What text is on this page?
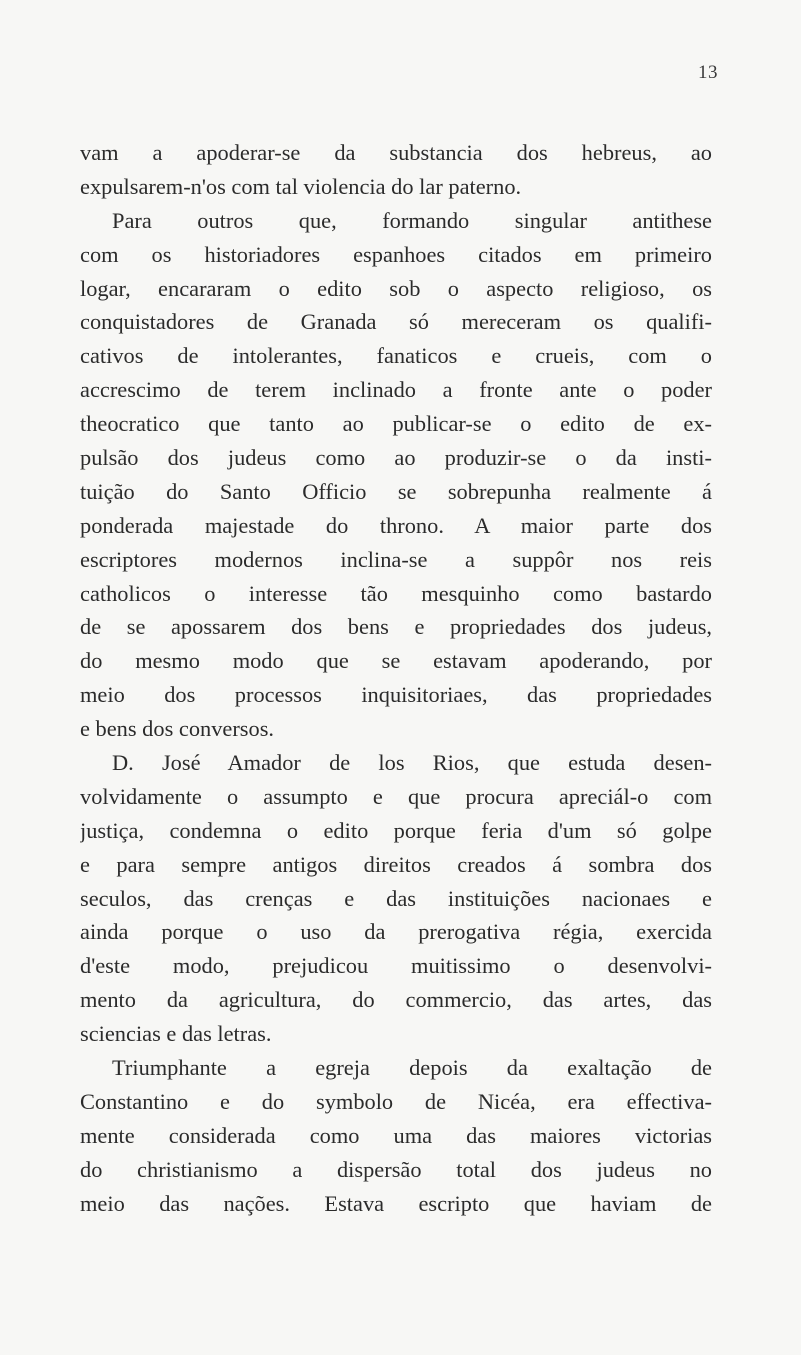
13
vam a apoderar-se da substancia dos hebreus, ao
expulsarem-n'os com tal violencia do lar paterno.
Para outros que, formando singular antithese
com os historiadores espanhoes citados em primeiro
logar, encararam o edito sob o aspecto religioso, os
conquistadores de Granada só mereceram os qualifi-
cativos de intolerantes, fanaticos e crueis, com o
accrescimo de terem inclinado a fronte ante o poder
theocratico que tanto ao publicar-se o edito de ex-
pulsão dos judeus como ao produzir-se o da insti-
tuição do Santo Officio se sobrepunha realmente á
ponderada majestade do throno. A maior parte dos
escriptores modernos inclina-se a suppôr nos reis
catholicos o interesse tão mesquinho como bastardo
de se apossarem dos bens e propriedades dos judeus,
do mesmo modo que se estavam apoderando, por
meio dos processos inquisitoriaes, das propriedades
e bens dos conversos.
D. José Amador de los Rios, que estuda desen-
volvidamente o assumpto e que procura apreciál-o com
justiça, condemna o edito porque feria d'um só golpe
e para sempre antigos direitos creados á sombra dos
seculos, das crenças e das instituições nacionaes e
ainda porque o uso da prerogativa régia, exercida
d'este modo, prejudicou muitissimo o desenvolvi-
mento da agricultura, do commercio, das artes, das
sciencias e das letras.
Triumphante a egreja depois da exaltação de
Constantino e do symbolo de Nicéa, era effectiva-
mente considerada como uma das maiores victorias
do christianismo a dispersão total dos judeus no
meio das nações. Estava escripto que haviam de
